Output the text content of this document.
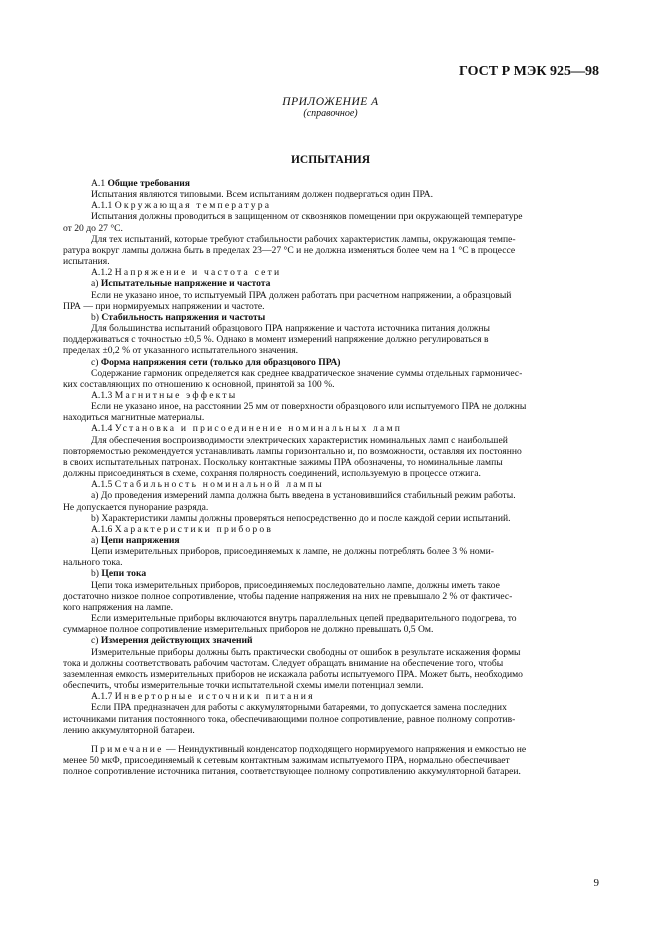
ГОСТ Р МЭК 925—98
ПРИЛОЖЕНИЕ А
(справочное)
ИСПЫТАНИЯ

А.1 Общие требования

Испытания являются типовыми. Всем испытаниям должен подвергаться один ПРА.

А.1.1 Окружающая температура

Испытания должны проводиться в защищенном от сквозняков помещении при окружающей температуре
от 20 до 27 °С.

Для тех испытаний, которые требуют стабильности рабочих характеристик лампы, окружающая темпе-
ратура вокруг лампы должна быть в пределах 23—27 °С и не должна изменяться более чем на 1 °С в процессе
испытания.

А.1.2 Напряжение и частота сети

а) Испытательные напряжение и частота

Если не указано иное, то испытуемый ПРА должен работать при расчетном напряжении, а образцовый
ПРА — при нормируемых напряжении и частоте.

b) Стабильность напряжения и частоты

Для большинства испытаний образцового ПРА напряжение и частота источника питания должны
поддерживаться с точностью ±0,5 %. Однако в момент измерений напряжение должно регулироваться в
пределах ±0,2 % от указанного испытательного значения.

с) Форма напряжения сети (только для образцового ПРА)

Содержание гармоник определяется как среднее квадратическое значение суммы отдельных гармоничес-
ких составляющих по отношению к основной, принятой за 100 %.

А.1.3 Магнитные эффекты

Если не указано иное, на расстоянии 25 мм от поверхности образцового или испытуемого ПРА не должны
находиться магнитные материалы.

А.1.4 Установка и присоединение номинальных ламп

Для обеспечения воспроизводимости электрических характеристик номинальных ламп с наибольшей
повторяемостью рекомендуется устанавливать лампы горизонтально и, по возможности, оставляя их постоянно
в своих испытательных патронах. Поскольку контактные зажимы ПРА обозначены, то номинальные лампы
должны присоединяться в схеме, сохраняя полярность соединений, используемую в процессе отжига.

А.1.5 Стабильность номинальной лампы

а) До проведения измерений лампа должна быть введена в установившийся стабильный режим работы.
Не допускается пунорание разряда.

b) Характеристики лампы должны проверяться непосредственно до и после каждой серии испытаний.

А.1.6 Характеристики приборов

а) Цепи напряжения

Цепи измерительных приборов, присоединяемых к лампе, не должны потреблять более 3 % номи-
нального тока.

b) Цепи тока

Цепи тока измерительных приборов, присоединяемых последовательно лампе, должны иметь такое
достаточно низкое полное сопротивление, чтобы падение напряжения на них не превышало 2 % от фактичес-
кого напряжения на лампе.

Если измерительные приборы включаются внутрь параллельных цепей предварительного подогрева, то
суммарное полное сопротивление измерительных приборов не должно превышать 0,5 Ом.

с) Измерения действующих значений

Измерительные приборы должны быть практически свободны от ошибок в результате искажения формы
тока и должны соответствовать рабочим частотам. Следует обращать внимание на обеспечение того, чтобы
заземленная емкость измерительных приборов не искажала работы испытуемого ПРА. Может быть, необходимо
обеспечить, чтобы измерительные точки испытательной схемы имели потенциал земли.

А.1.7 Инверторные источники питания

Если ПРА предназначен для работы с аккумуляторными батареями, то допускается замена последних
источниками питания постоянного тока, обеспечивающими полное сопротивление, равное полному сопротив-
лению аккумуляторной батареи.

Примечание — Неиндуктивный конденсатор подходящего нормируемого напряжения и емкостью не
менее 50 мкФ, присоединяемый к сетевым контактным зажимам испытуемого ПРА, нормально обеспечивает
полное сопротивление источника питания, соответствующее полному сопротивлению аккумуляторной батареи.

9
